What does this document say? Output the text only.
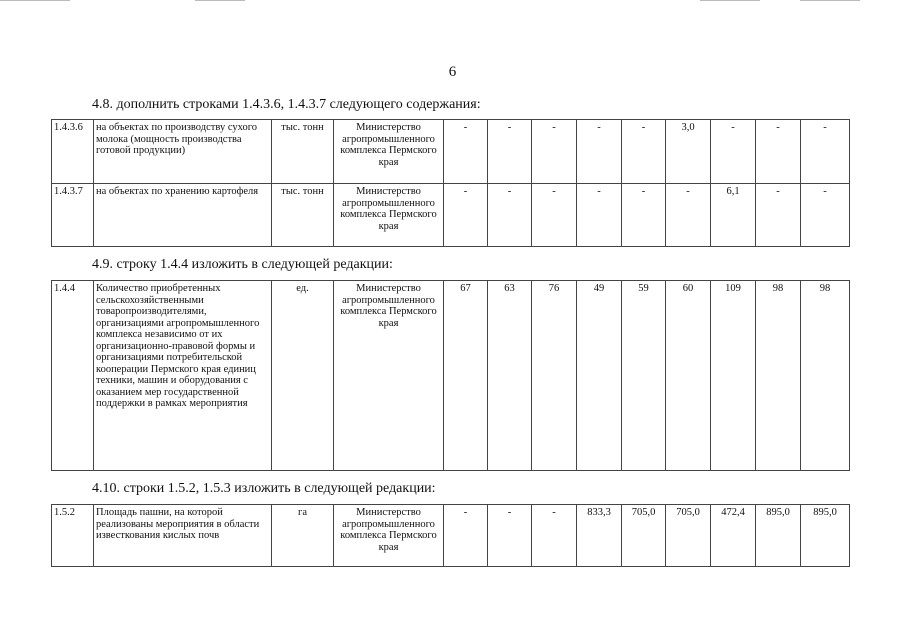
6
4.8. дополнить строками 1.4.3.6, 1.4.3.7 следующего содержания:
1.4.3.6	на объектах по производству сухого молока (мощность производства готовой продукции)	тыс. тонн	Министерство агропромышленного комплекса Пермского края	-	-	-	-	-	3,0	-	-	-
1.4.3.7	на объектах по хранению картофеля	тыс. тонн	Министерство агропромышленного комплекса Пермского края	-	-	-	-	-	-	6,1	-	-
4.9. строку 1.4.4 изложить в следующей редакции:
1.4.4	Количество приобретенных сельскохозяйственными товаропроизводителями, организациями агропромышленного комплекса независимо от их организационно-правовой формы и организациями потребительской кооперации Пермского края единиц техники, машин и оборудования с оказанием мер государственной поддержки в рамках мероприятия	ед.	Министерство агропромышленного комплекса Пермского края	67	63	76	49	59	60	109	98	98
4.10. строки 1.5.2, 1.5.3 изложить в следующей редакции:
1.5.2	Площадь пашни, на которой реализованы мероприятия в области известкования кислых почв	га	Министерство агропромышленного комплекса Пермского края	-	-	-	833,3	705,0	705,0	472,4	895,0	895,0
